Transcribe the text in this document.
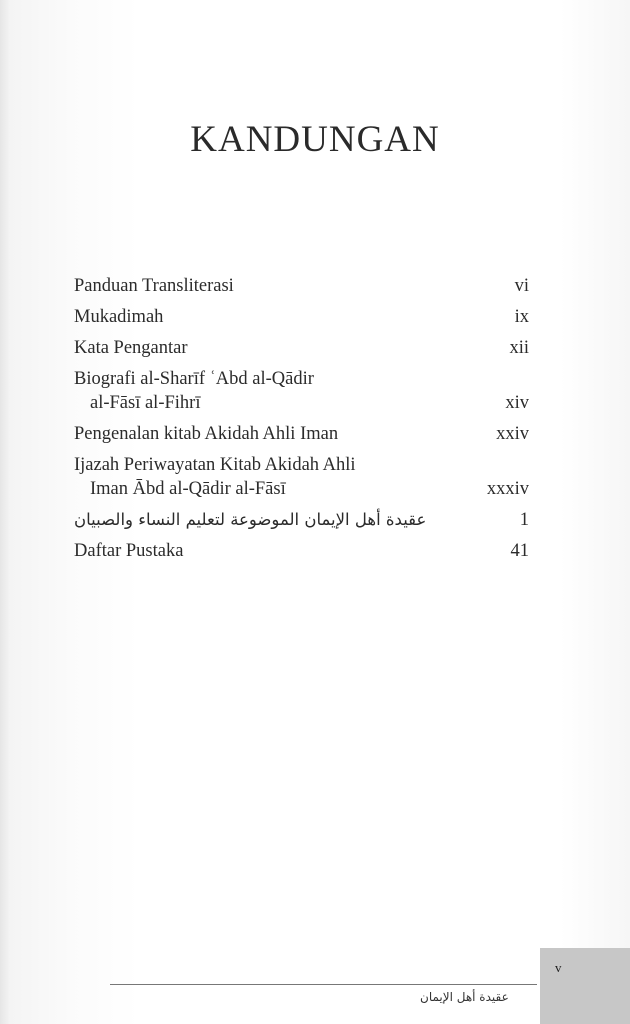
KANDUNGAN
Panduan Transliterasi	vi
Mukadimah	ix
Kata Pengantar	xii
Biografi al-Sharīf ʿAbd al-Qādir
al-Fāsī al-Fihrī	xiv
Pengenalan kitab Akidah Ahli Iman	xxiv
Ijazah Periwayatan Kitab Akidah Ahli
Iman Ābd al-Qādir al-Fāsī	xxxiv
عقيدة أهل الإيمان الموضوعة لتعليم النساء والصبيان	1
Daftar Pustaka	41
v
عقيدة أهل الإيمان
